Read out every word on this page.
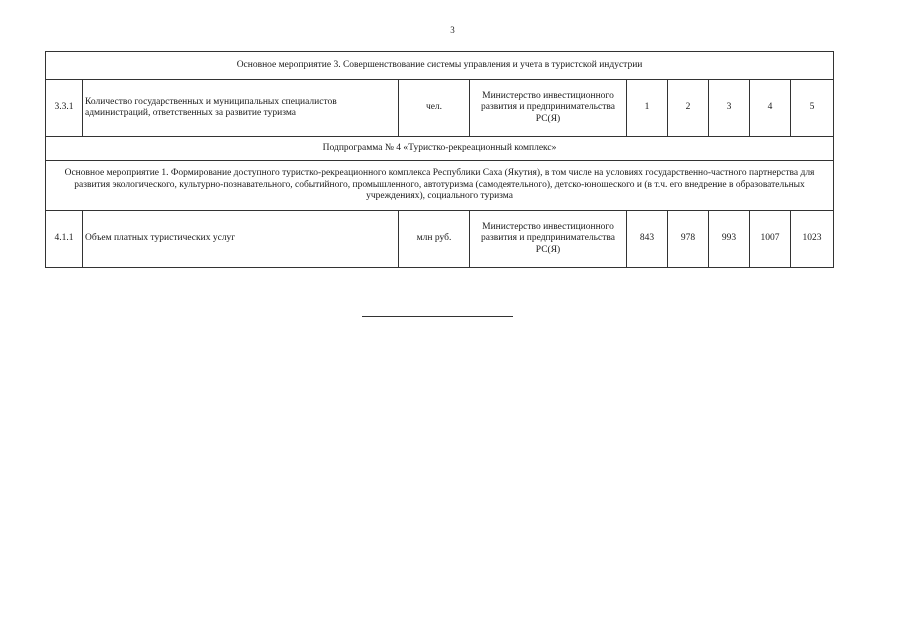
3
Основное мероприятие 3. Совершенствование системы управления и учета в туристской индустрии								
3.3.1	Количество государственных и муниципальных специалистов администраций, ответственных за развитие туризма	чел.	Министерство инвестиционного развития и предпринимательства РС(Я)	1	2	3	4	5
Подпрограмма № 4 «Туристко-рекреационный комплекс»								
Основное мероприятие 1. Формирование доступного туристко-рекреационного комплекса Республики Саха (Якутия), в том числе на условиях государственно-частного партнерства для развития экологического, культурно-познавательного, событийного, промышленного, автотуризма (самодеятельного), детско-юношеского и (в т.ч. его внедрение в образовательных учреждениях), социального туризма								
4.1.1	Объем платных туристических услуг	млн руб.	Министерство инвестиционного развития и предпринимательства РС(Я)	843	978	993	1007	1023
